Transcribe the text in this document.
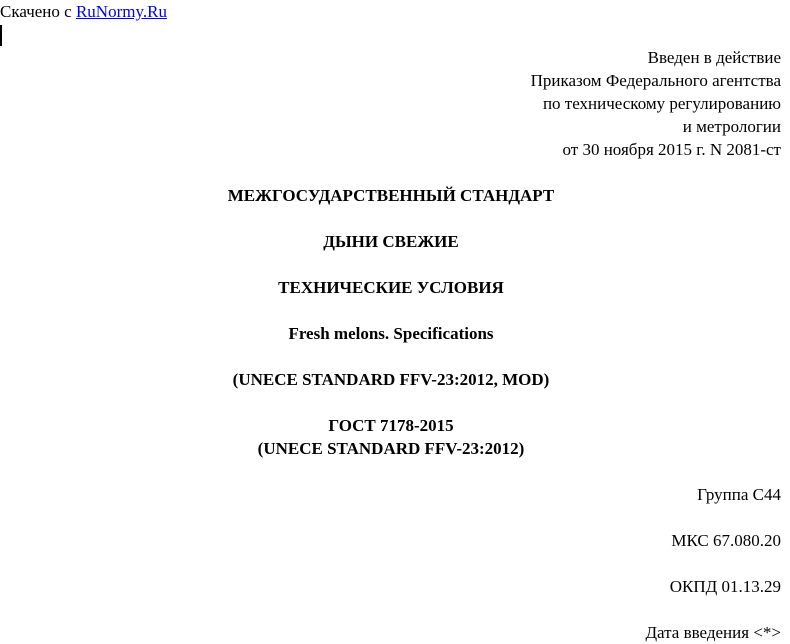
Скачено с RuNormy.Ru
Введен в действие
Приказом Федерального агентства
по техническому регулированию
и метрологии
от 30 ноября 2015 г. N 2081-ст
МЕЖГОСУДАРСТВЕННЫЙ СТАНДАРТ
ДЫНИ СВЕЖИЕ
ТЕХНИЧЕСКИЕ УСЛОВИЯ
Fresh melons. Specifications
(UNECE STANDARD FFV-23:2012, MOD)
ГОСТ 7178-2015
(UNECE STANDARD FFV-23:2012)
Группа С44
МКС 67.080.20
ОКПД 01.13.29
Дата введения <*>
